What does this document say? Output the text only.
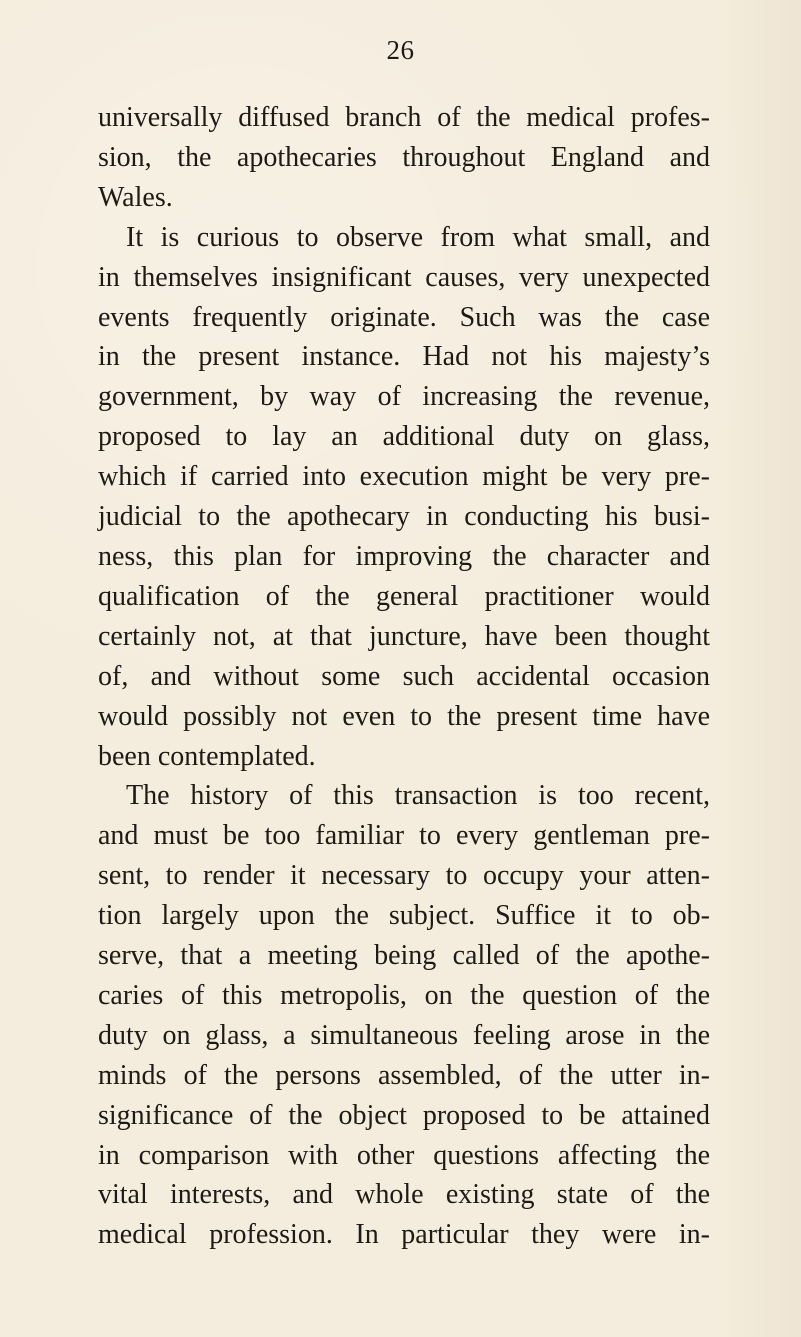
26
universally diffused branch of the medical profes-
sion, the apothecaries throughout England and
Wales.
It is curious to observe from what small, and
in themselves insignificant causes, very unexpected
events frequently originate. Such was the case
in the present instance. Had not his majesty’s
government, by way of increasing the revenue,
proposed to lay an additional duty on glass,
which if carried into execution might be very pre-
judicial to the apothecary in conducting his busi-
ness, this plan for improving the character and
qualification of the general practitioner would
certainly not, at that juncture, have been thought
of, and without some such accidental occasion
would possibly not even to the present time have
been contemplated.
The history of this transaction is too recent,
and must be too familiar to every gentleman pre-
sent, to render it necessary to occupy your atten-
tion largely upon the subject. Suffice it to ob-
serve, that a meeting being called of the apothe-
caries of this metropolis, on the question of the
duty on glass, a simultaneous feeling arose in the
minds of the persons assembled, of the utter in-
significance of the object proposed to be attained
in comparison with other questions affecting the
vital interests, and whole existing state of the
medical profession. In particular they were in-
